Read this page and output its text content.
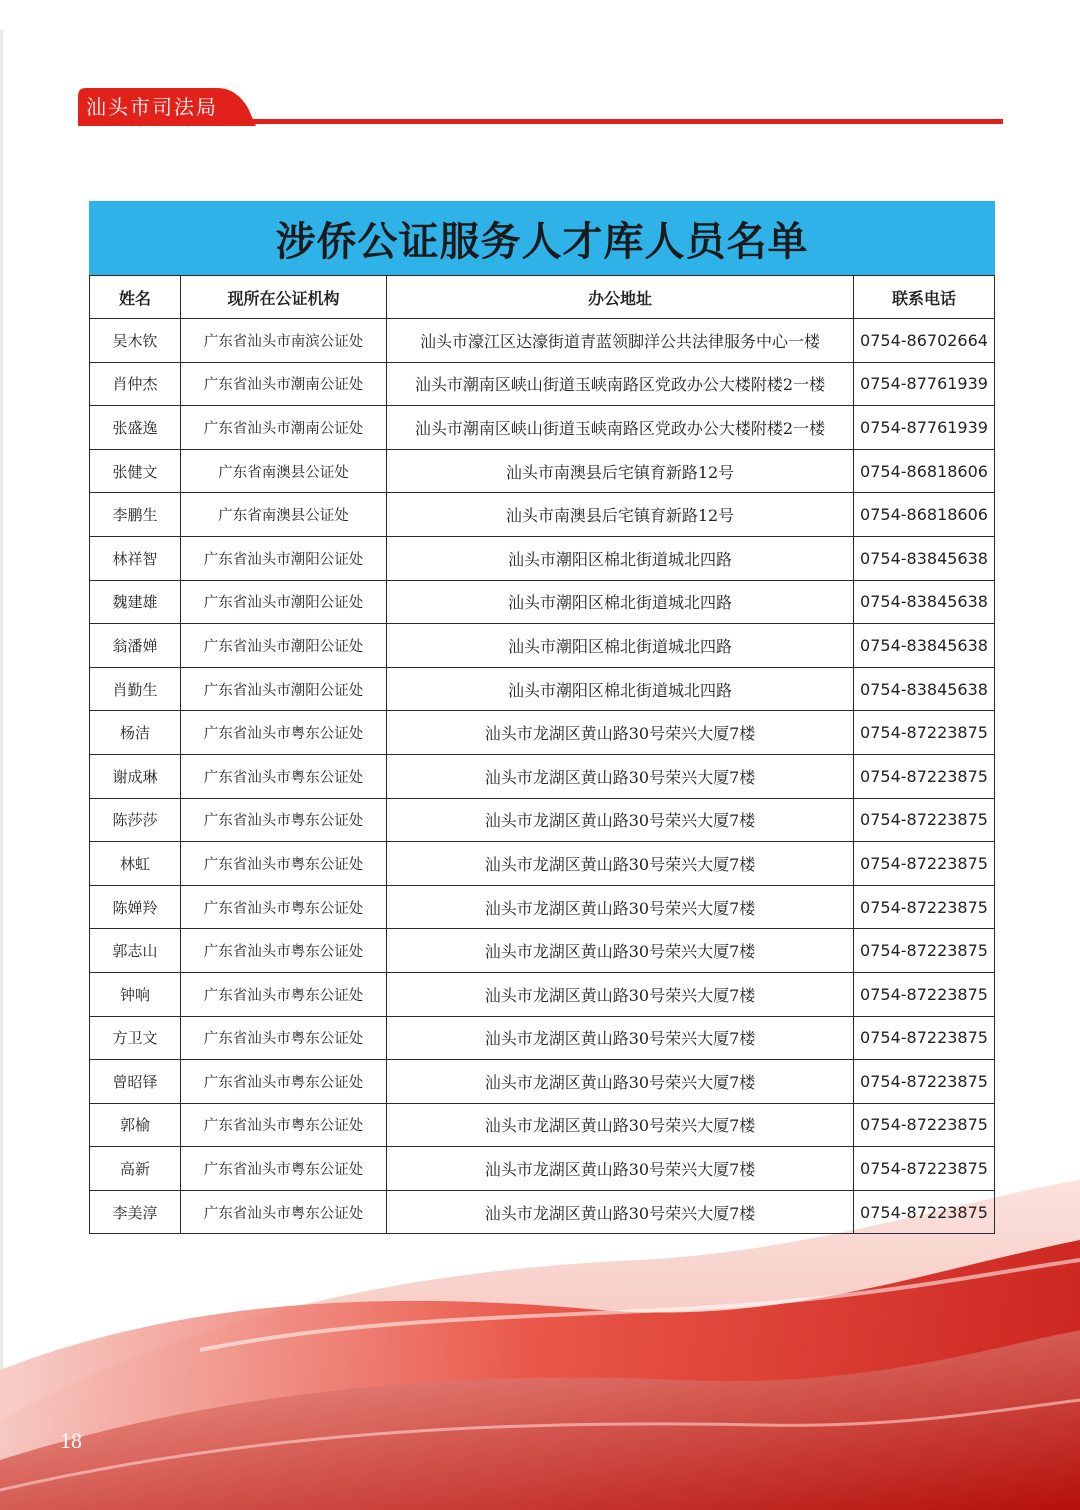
汕头市司法局
涉侨公证服务人才库人员名单
姓名	现所在公证机构	办公地址	联系电话
吴木钦	广东省汕头市南滨公证处	汕头市濠江区达濠街道青蓝领脚洋公共法律服务中心一楼	0754-86702664
肖仲杰	广东省汕头市潮南公证处	汕头市潮南区峡山街道玉峡南路区党政办公大楼附楼2一楼	0754-87761939
张盛逸	广东省汕头市潮南公证处	汕头市潮南区峡山街道玉峡南路区党政办公大楼附楼2一楼	0754-87761939
张健文	广东省南澳县公证处	汕头市南澳县后宅镇育新路12号	0754-86818606
李鹏生	广东省南澳县公证处	汕头市南澳县后宅镇育新路12号	0754-86818606
林祥智	广东省汕头市潮阳公证处	汕头市潮阳区棉北街道城北四路	0754-83845638
魏建雄	广东省汕头市潮阳公证处	汕头市潮阳区棉北街道城北四路	0754-83845638
翁潘婵	广东省汕头市潮阳公证处	汕头市潮阳区棉北街道城北四路	0754-83845638
肖勤生	广东省汕头市潮阳公证处	汕头市潮阳区棉北街道城北四路	0754-83845638
杨洁	广东省汕头市粤东公证处	汕头市龙湖区黄山路30号荣兴大厦7楼	0754-87223875
谢成琳	广东省汕头市粤东公证处	汕头市龙湖区黄山路30号荣兴大厦7楼	0754-87223875
陈莎莎	广东省汕头市粤东公证处	汕头市龙湖区黄山路30号荣兴大厦7楼	0754-87223875
林虹	广东省汕头市粤东公证处	汕头市龙湖区黄山路30号荣兴大厦7楼	0754-87223875
陈婵羚	广东省汕头市粤东公证处	汕头市龙湖区黄山路30号荣兴大厦7楼	0754-87223875
郭志山	广东省汕头市粤东公证处	汕头市龙湖区黄山路30号荣兴大厦7楼	0754-87223875
钟响	广东省汕头市粤东公证处	汕头市龙湖区黄山路30号荣兴大厦7楼	0754-87223875
方卫文	广东省汕头市粤东公证处	汕头市龙湖区黄山路30号荣兴大厦7楼	0754-87223875
曾昭铎	广东省汕头市粤东公证处	汕头市龙湖区黄山路30号荣兴大厦7楼	0754-87223875
郭榆	广东省汕头市粤东公证处	汕头市龙湖区黄山路30号荣兴大厦7楼	0754-87223875
高新	广东省汕头市粤东公证处	汕头市龙湖区黄山路30号荣兴大厦7楼	0754-87223875
李美淳	广东省汕头市粤东公证处	汕头市龙湖区黄山路30号荣兴大厦7楼	0754-87223875
18
